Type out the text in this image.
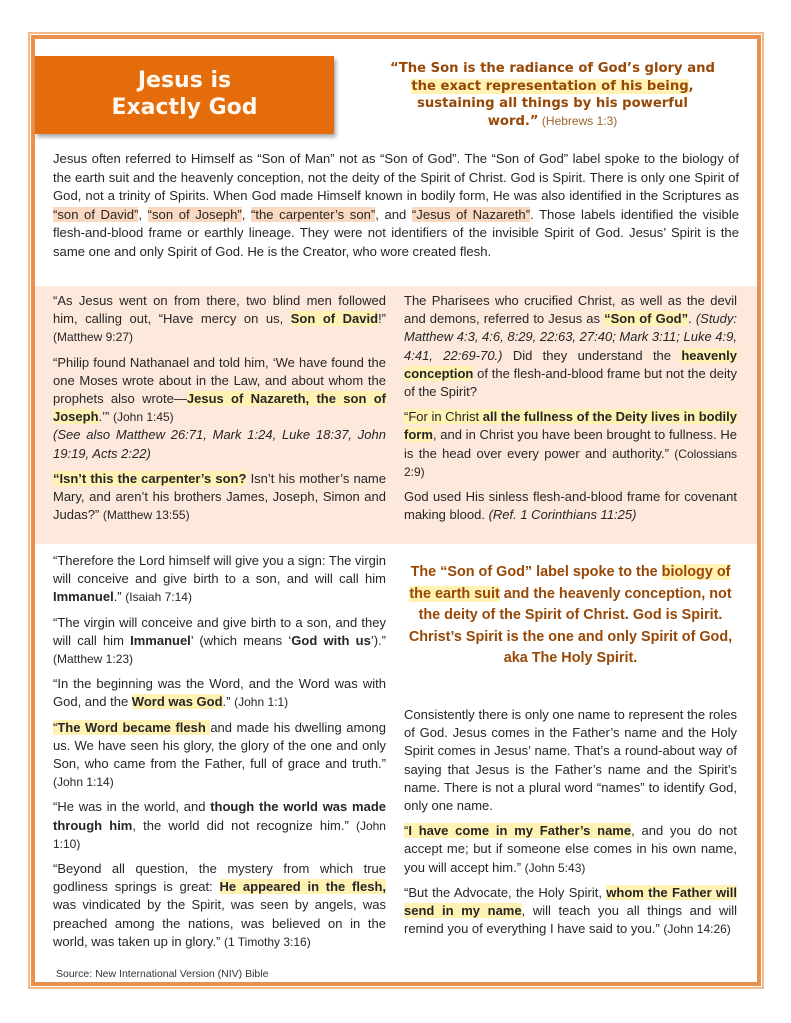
Jesus is
Exactly God
“The Son is the radiance of God’s glory and the exact representation of his being, sustaining all things by his powerful word.” (Hebrews 1:3)
Jesus often referred to Himself as “Son of Man” not as “Son of God”. The “Son of God” label spoke to the biology of the earth suit and the heavenly conception, not the deity of the Spirit of Christ. God is Spirit. There is only one Spirit of God, not a trinity of Spirits. When God made Himself known in bodily form, He was also identified in the Scriptures as “son of David”, “son of Joseph”, “the carpenter’s son”, and “Jesus of Nazareth”. Those labels identified the visible flesh-and-blood frame or earthly lineage. They were not identifiers of the invisible Spirit of God. Jesus’ Spirit is the same one and only Spirit of God. He is the Creator, who wore created flesh.

“As Jesus went on from there, two blind men followed him, calling out, “Have mercy on us, Son of David!” (Matthew 9:27)

“Philip found Nathanael and told him, ‘We have found the one Moses wrote about in the Law, and about whom the prophets also wrote—Jesus of Nazareth, the son of Joseph.’” (John 1:45)
(See also Matthew 26:71, Mark 1:24, Luke 18:37, John 19:19, Acts 2:22)

“Isn’t this the carpenter’s son? Isn’t his mother’s name Mary, and aren’t his brothers James, Joseph, Simon and Judas?” (Matthew 13:55)

The Pharisees who crucified Christ, as well as the devil and demons, referred to Jesus as “Son of God”. (Study: Matthew 4:3, 4:6, 8:29, 22:63, 27:40; Mark 3:11; Luke 4:9, 4:41, 22:69-70.) Did they understand the heavenly conception of the flesh-and-blood frame but not the deity of the Spirit?

“For in Christ all the fullness of the Deity lives in bodily form, and in Christ you have been brought to fullness. He is the head over every power and authority.” (Colossians 2:9)

God used His sinless flesh-and-blood frame for covenant making blood. (Ref. 1 Corinthians 11:25)

“Therefore the Lord himself will give you a sign: The virgin will conceive and give birth to a son, and will call him Immanuel.” (Isaiah 7:14)

“The virgin will conceive and give birth to a son, and they will call him Immanuel’ (which means ‘God with us’).” (Matthew 1:23)

“In the beginning was the Word, and the Word was with God, and the Word was God.” (John 1:1)

“The Word became flesh and made his dwelling among us. We have seen his glory, the glory of the one and only Son, who came from the Father, full of grace and truth.” (John 1:14)

“He was in the world, and though the world was made through him, the world did not recognize him.” (John 1:10)

“Beyond all question, the mystery from which true godliness springs is great: He appeared in the flesh, was vindicated by the Spirit, was seen by angels, was preached among the nations, was believed on in the world, was taken up in glory.” (1 Timothy 3:16)

The “Son of God” label spoke to the biology of the earth suit and the heavenly conception, not the deity of the Spirit of Christ. God is Spirit. Christ’s Spirit is the one and only Spirit of God, aka The Holy Spirit.

Consistently there is only one name to represent the roles of God. Jesus comes in the Father’s name and the Holy Spirit comes in Jesus’ name. That’s a round-about way of saying that Jesus is the Father’s name and the Spirit’s name. There is not a plural word “names” to identify God, only one name.

“I have come in my Father’s name, and you do not accept me; but if someone else comes in his own name, you will accept him.” (John 5:43)

“But the Advocate, the Holy Spirit, whom the Father will send in my name, will teach you all things and will remind you of everything I have said to you.” (John 14:26)

Source: New International Version (NIV) Bible
